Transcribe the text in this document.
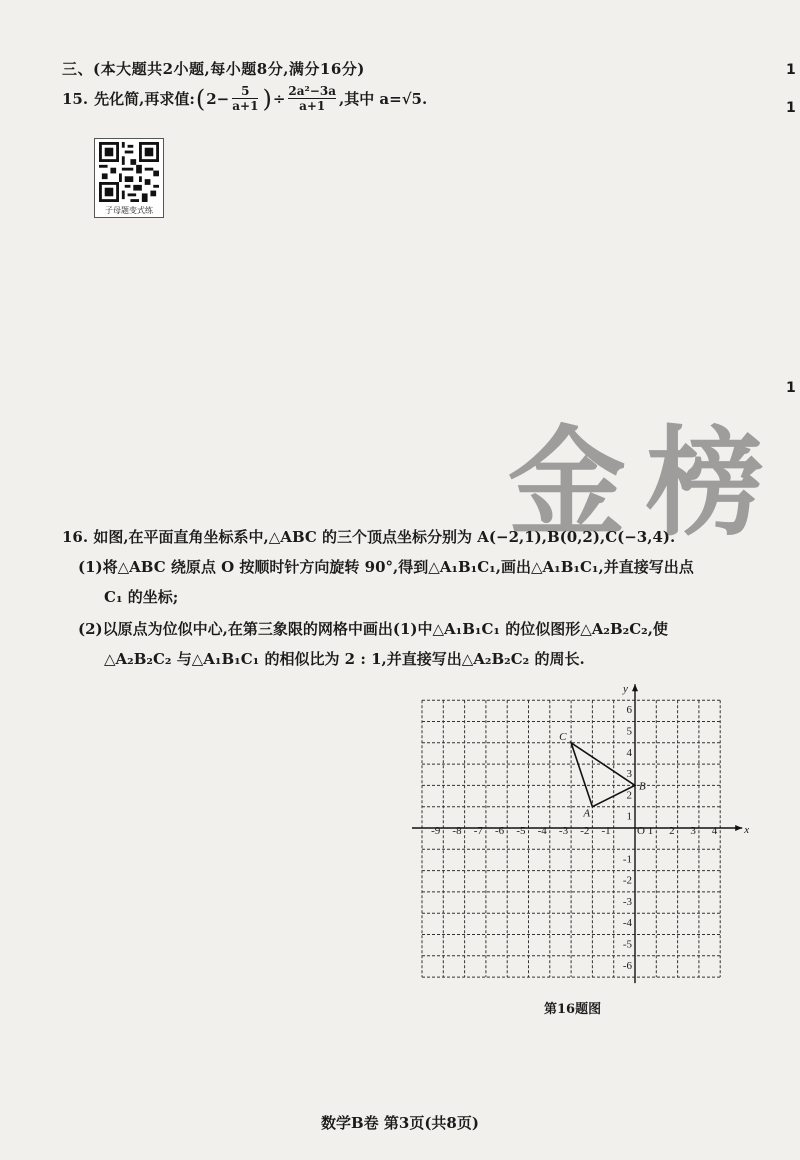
三、(本大题共2小题,每小题8分,满分16分)
15. 先化简,再求值: ( $2- \frac{5}{a+1}$ ) ÷ $\frac{\text{2a²−3a}}{a+1}$ ,其中 a=√5.
子母题变式练
金榜
1
1
1
16. 如图,在平面直角坐标系中,△ABC 的三个顶点坐标分别为 A(−2,1),B(0,2),C(−3,4).
(1)将△ABC 绕原点 O 按顺时针方向旋转 90°,得到△A₁B₁C₁,画出△A₁B₁C₁,并直接写出点
C₁ 的坐标;
(2)以原点为位似中心,在第三象限的网格中画出(1)中△A₁B₁C₁ 的位似图形△A₂B₂C₂,使
△A₂B₂C₂ 与△A₁B₁C₁ 的相似比为 2 : 1,并直接写出△A₂B₂C₂ 的周长.
-9 -8 -7 -6 -5 -4 -3 -2 -1	1 2 3 4
6
5
4
3
2
1
-1
-2
-3
-4
-5
-6
A
B
C
O	x
y
第16题图
数学B卷 第3页(共8页)
